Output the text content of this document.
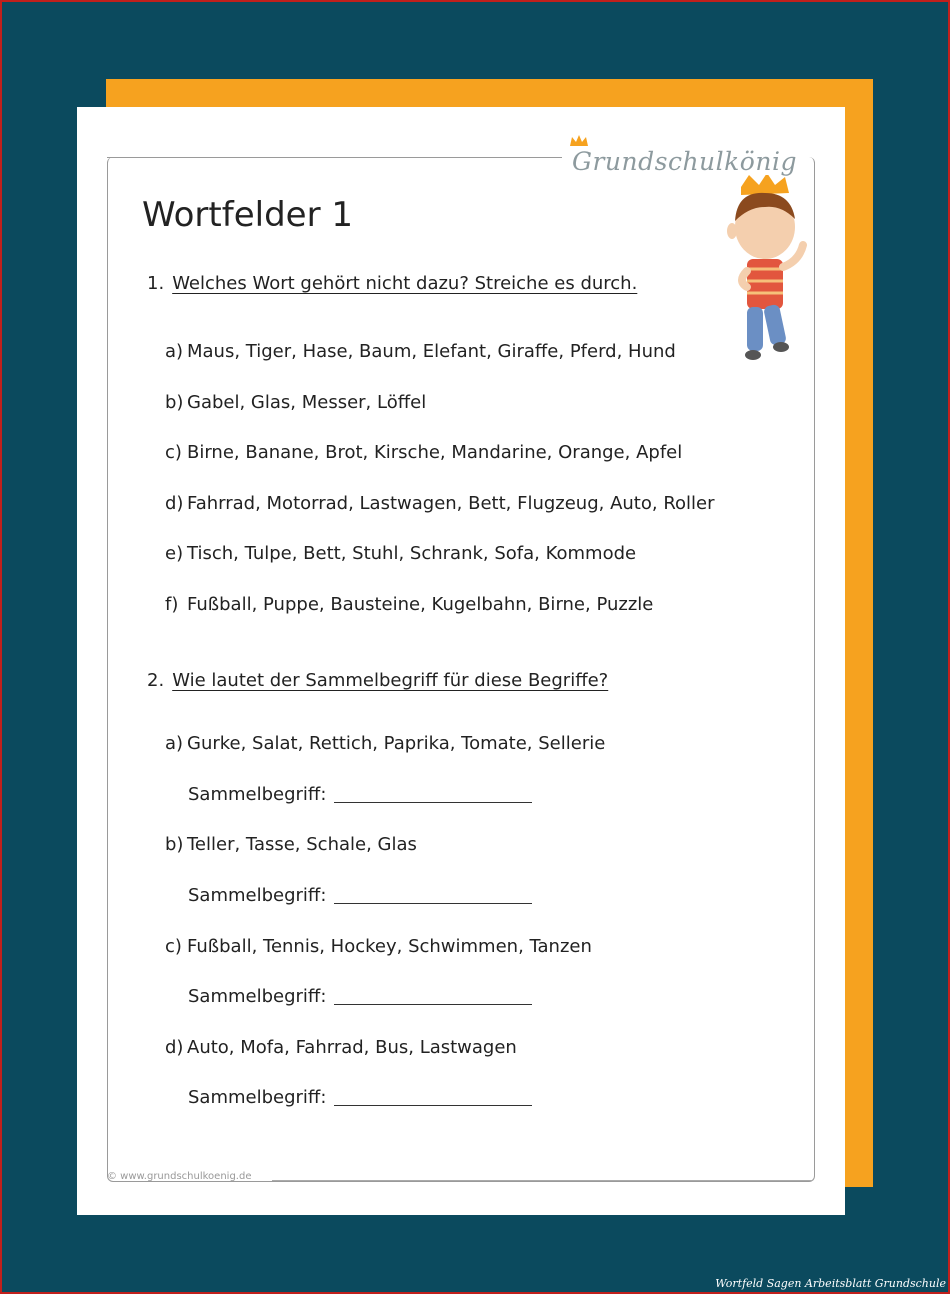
Grundschulkönig
Wortfelder 1
1. Welches Wort gehört nicht dazu? Streiche es durch.
a) Maus, Tiger, Hase, Baum, Elefant, Giraffe, Pferd, Hund
b) Gabel, Glas, Messer, Löffel
c) Birne, Banane, Brot, Kirsche, Mandarine, Orange, Apfel
d) Fahrrad, Motorrad, Lastwagen, Bett, Flugzeug, Auto, Roller
e) Tisch, Tulpe, Bett, Stuhl, Schrank, Sofa, Kommode
f) Fußball, Puppe, Bausteine, Kugelbahn, Birne, Puzzle
2. Wie lautet der Sammelbegriff für diese Begriffe?
a) Gurke, Salat, Rettich, Paprika, Tomate, Sellerie
Sammelbegriff:
b) Teller, Tasse, Schale, Glas
Sammelbegriff:
c) Fußball, Tennis, Hockey, Schwimmen, Tanzen
Sammelbegriff:
d) Auto, Mofa, Fahrrad, Bus, Lastwagen
Sammelbegriff:
© www.grundschulkoenig.de
Wortfeld Sagen Arbeitsblatt Grundschule
